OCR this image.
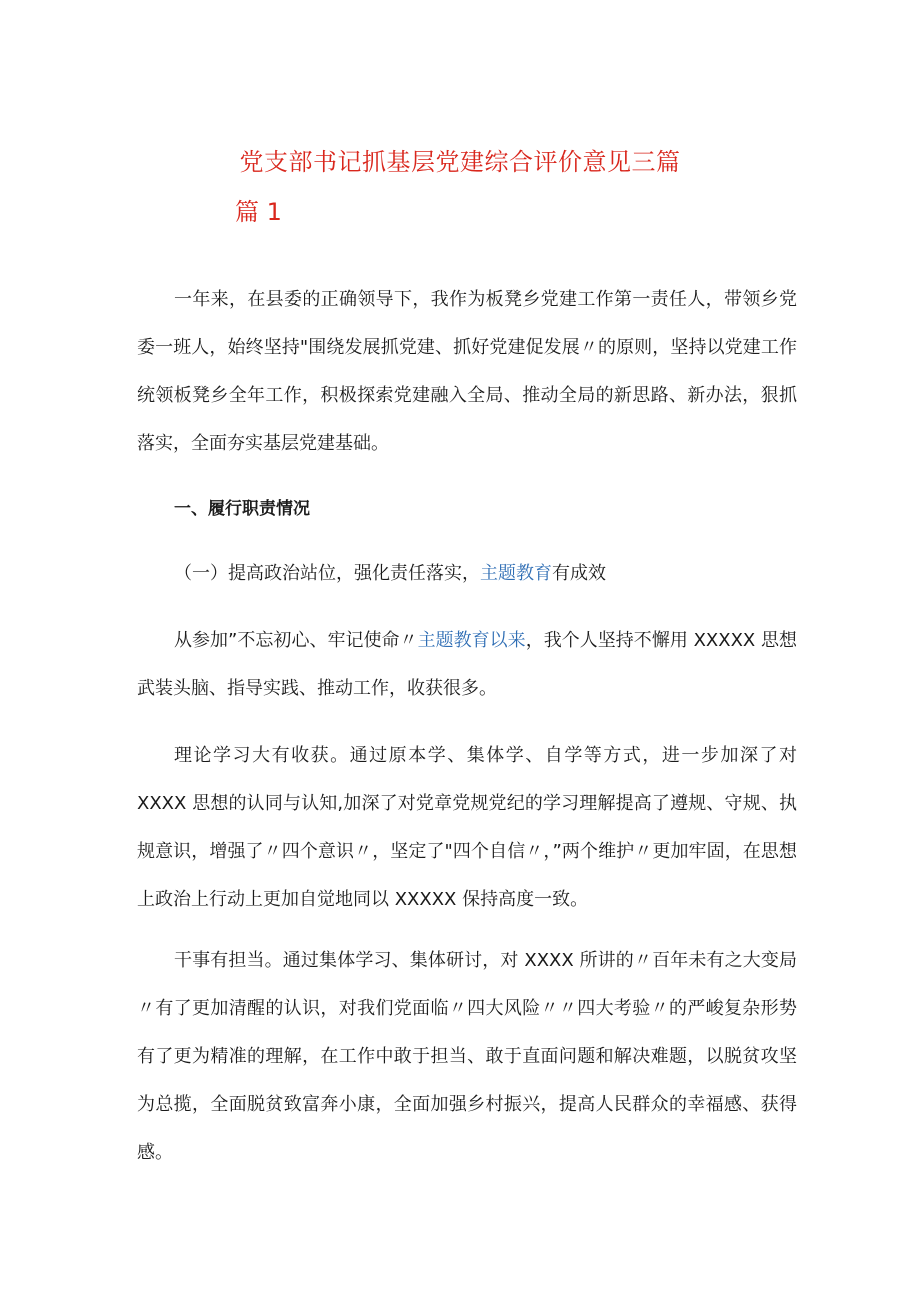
党支部书记抓基层党建综合评价意见三篇
篇 1

一年来，在县委的正确领导下，我作为板凳乡党建工作第一责任人，带领乡党委一班人，始终坚持"围绕发展抓党建、抓好党建促发展〃的原则，坚持以党建工作统领板凳乡全年工作，积极探索党建融入全局、推动全局的新思路、新办法，狠抓落实，全面夯实基层党建基础。

一、履行职责情况
（一）提高政治站位，强化责任落实，主题教育有成效

从参加”不忘初心、牢记使命〃主题教育以来，我个人坚持不懈用 XXXXX 思想武装头脑、指导实践、推动工作，收获很多。

理论学习大有收获。通过原本学、集体学、自学等方式，进一步加深了对 XXXX 思想的认同与认知,加深了对党章党规党纪的学习理解提高了遵规、守规、执规意识，增强了〃四个意识〃，坚定了"四个自信〃，”两个维护〃更加牢固，在思想上政治上行动上更加自觉地同以 XXXXX 保持高度一致。

干事有担当。通过集体学习、集体研讨，对 XXXX 所讲的〃百年未有之大变局〃有了更加清醒的认识，对我们党面临〃四大风险〃〃四大考验〃的严峻复杂形势有了更为精准的理解，在工作中敢于担当、敢于直面问题和解决难题，以脱贫攻坚为总揽，全面脱贫致富奔小康，全面加强乡村振兴，提高人民群众的幸福感、获得感。
